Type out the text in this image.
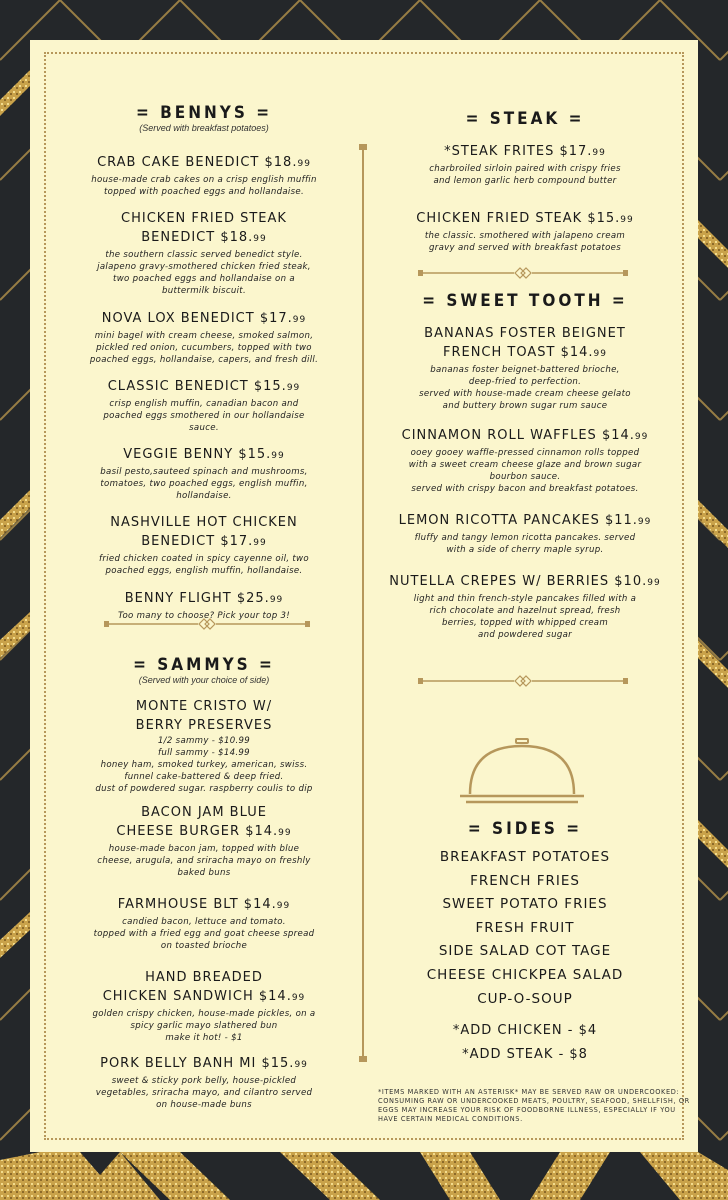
= BENNYS =
(Served with breakfast potatoes)
CRAB CAKE BENEDICT $18.99
house-made crab cakes on a crisp english muffin
topped with poached eggs and hollandaise.
CHICKEN FRIED STEAK
BENEDICT $18.99
the southern classic served benedict style.
jalapeno gravy-smothered chicken fried steak,
two poached eggs and hollandaise on a
buttermilk biscuit.
NOVA LOX BENEDICT $17.99
mini bagel with cream cheese, smoked salmon,
pickled red onion, cucumbers, topped with two
poached eggs, hollandaise, capers, and fresh dill.
CLASSIC BENEDICT $15.99
crisp english muffin, canadian bacon and
poached eggs smothered in our hollandaise
sauce.
VEGGIE BENNY $15.99
basil pesto,sauteed spinach and mushrooms,
tomatoes, two poached eggs, english muffin,
hollandaise.
NASHVILLE HOT CHICKEN
BENEDICT $17.99
fried chicken coated in spicy cayenne oil, two
poached eggs, english muffin, hollandaise.
BENNY FLIGHT $25.99
Too many to choose? Pick your top 3!
= SAMMYS =
(Served with your choice of side)
MONTE CRISTO W/
BERRY PRESERVES
1/2 sammy - $10.99
full sammy - $14.99
honey ham, smoked turkey, american, swiss.
funnel cake-battered & deep fried.
dust of powdered sugar. raspberry coulis to dip
BACON JAM BLUE
CHEESE BURGER $14.99
house-made bacon jam, topped with blue
cheese, arugula, and sriracha mayo on freshly
baked buns
FARMHOUSE BLT $14.99
candied bacon, lettuce and tomato.
topped with a fried egg and goat cheese spread
on toasted brioche
HAND BREADED
CHICKEN SANDWICH $14.99
golden crispy chicken, house-made pickles, on a
spicy garlic mayo slathered bun
make it hot! - $1
PORK BELLY BANH MI $15.99
sweet & sticky pork belly, house-pickled
vegetables, sriracha mayo, and cilantro served
on house-made buns
= STEAK =
*STEAK FRITES $17.99
charbroiled sirloin paired with crispy fries
and lemon garlic herb compound butter
CHICKEN FRIED STEAK $15.99
the classic. smothered with jalapeno cream
gravy and served with breakfast potatoes
= SWEET TOOTH =
BANANAS FOSTER BEIGNET
FRENCH TOAST $14.99
bananas foster beignet-battered brioche,
deep-fried to perfection.
served with house-made cream cheese gelato
and buttery brown sugar rum sauce
CINNAMON ROLL WAFFLES $14.99
ooey gooey waffle-pressed cinnamon rolls topped
with a sweet cream cheese glaze and brown sugar
bourbon sauce.
served with crispy bacon and breakfast potatoes.
LEMON RICOTTA PANCAKES $11.99
fluffy and tangy lemon ricotta pancakes. served
with a side of cherry maple syrup.
NUTELLA CREPES W/ BERRIES $10.99
light and thin french-style pancakes filled with a
rich chocolate and hazelnut spread, fresh
berries, topped with whipped cream
and powdered sugar
= SIDES =
BREAKFAST POTATOES
FRENCH FRIES
SWEET POTATO FRIES
FRESH FRUIT
SIDE SALAD COT TAGE
CHEESE CHICKPEA SALAD
CUP-O-SOUP
*ADD CHICKEN - $4
*ADD STEAK - $8
*ITEMS MARKED WITH AN ASTERISK* MAY BE SERVED RAW OR UNDERCOOKED: CONSUMING RAW OR UNDERCOOKED MEATS, POULTRY, SEAFOOD, SHELLFISH, OR EGGS MAY INCREASE YOUR RISK OF FOODBORNE ILLNESS, ESPECIALLY IF YOU HAVE CERTAIN MEDICAL CONDITIONS.
